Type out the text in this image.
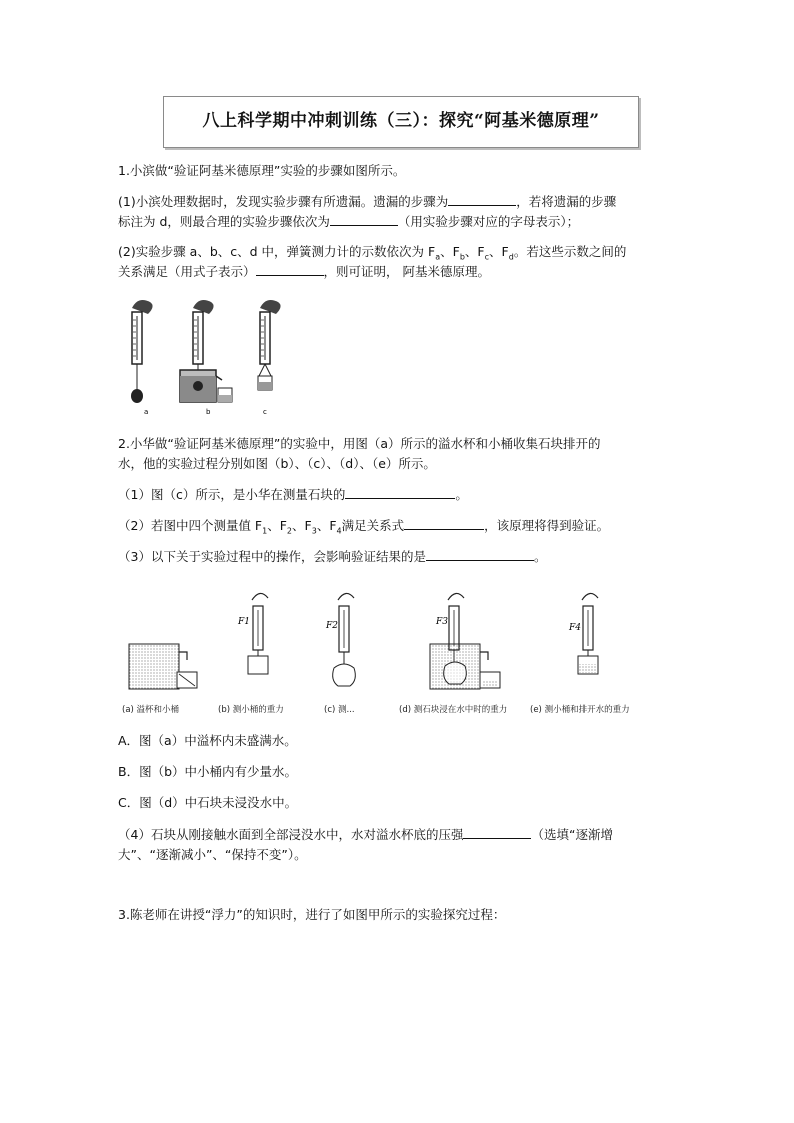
八上科学期中冲刺训练（三）：探究“阿基米德原理”
1.小滨做“验证阿基米德原理”实验的步骤如图所示。
(1)小滨处理数据时，发现实验步骤有所遗漏。遗漏的步骤为	，若将遗漏的步骤
标注为 d，则最合理的实验步骤依次为	（用实验步骤对应的字母表示）；
(2)实验步骤 a、b、c、d 中，弹簧测力计的示数依次为 $F_a$、$F_b$、$F_c$、$F_d$。若这些示数之间的
关系满足（用式子表示）	，则可证明， 阿基米德原理。
a	b	c
2.小华做“验证阿基米德原理”的实验中，用图（a）所示的溢水杯和小桶收集石块排开的
水，他的实验过程分别如图（b）、（c）、（d）、（e）所示。
（1）图（c）所示，是小华在测量石块的	。
（2）若图中四个测量值 $F_1$、$F_2$、$F_3$、$F_4$满足关系式	，该原理将得到验证。
（3）以下关于实验过程中的操作，会影响验证结果的是	。
F1	F2	F3
F4
(a) 溢杯和小桶	(b) 测小桶的重力	(c) 测...	(d) 测石块浸在水中时的重力	(e) 测小桶和排开水的重力
A．图（a）中溢杯内未盛满水。
B．图（b）中小桶内有少量水。
C．图（d）中石块未浸没水中。
（4）石块从刚接触水面到全部浸没水中，水对溢水杯底的压强	（选填“逐渐增
大”、“逐渐减小”、“保持不变”）。
3.陈老师在讲授“浮力”的知识时，进行了如图甲所示的实验探究过程：
